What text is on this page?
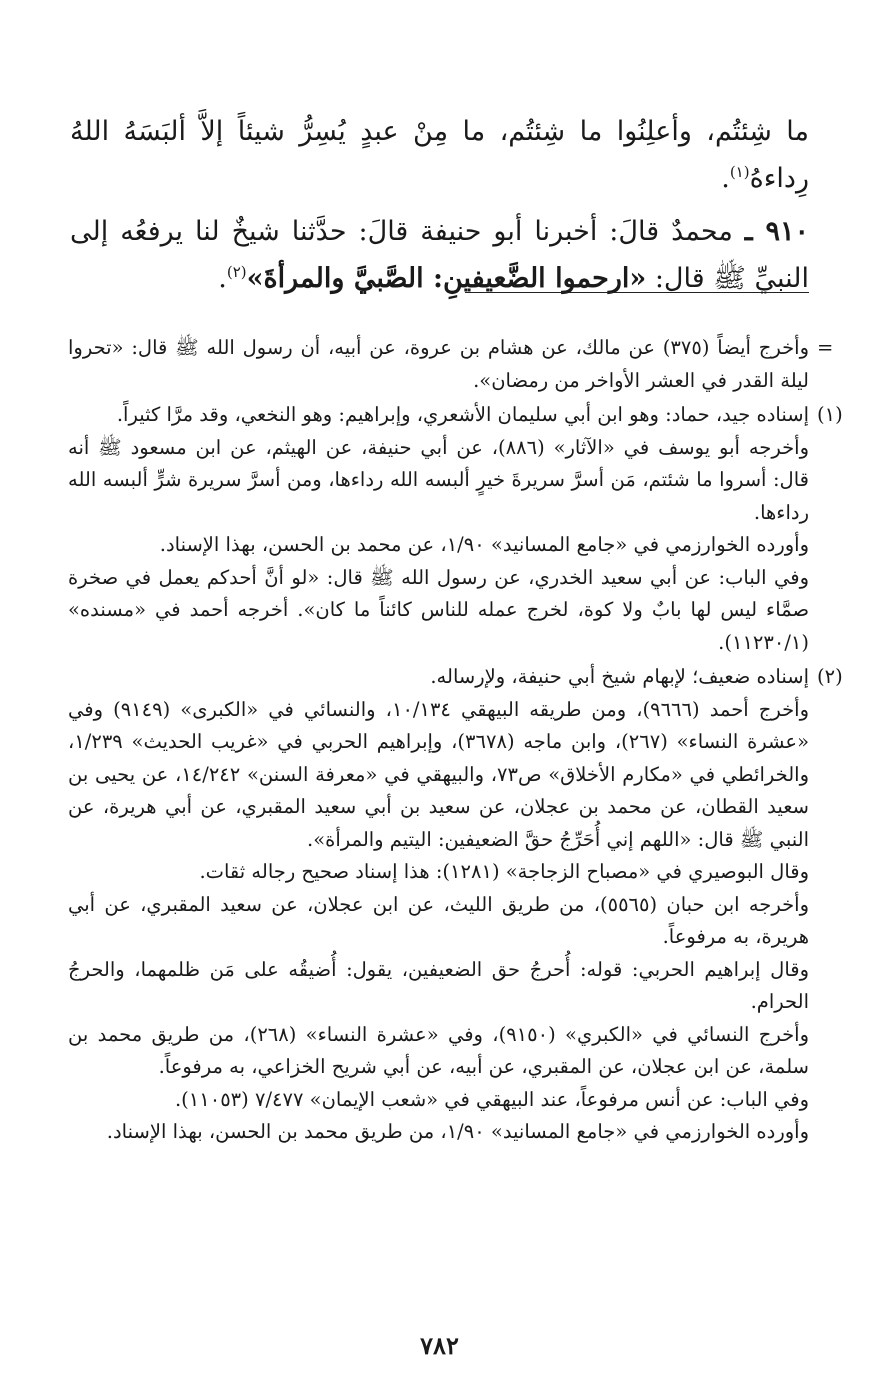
ما شِئتُم، وأعلِنُوا ما شِئتُم، ما مِنْ عبدٍ يُسِرُّ شيئاً إلاَّ ألبَسَهُ اللهُ رِداءهُ$^{(١)}$.

٩١٠ ـ محمدٌ قالَ: أخبرنا أبو حنيفة قالَ: حدَّثنا شيخٌ لنا يرفعُه إلى النبيِّ ﷺ قال: «ارحموا الضَّعيفينِ: الصَّبيَّ والمرأةَ»$^{(٢)}$.

=

وأخرج أيضاً (٣٧٥) عن مالك، عن هشام بن عروة، عن أبيه، أن رسول الله ﷺ قال: «تحروا ليلة القدر في العشر الأواخر من رمضان».

(١)

إسناده جيد، حماد: وهو ابن أبي سليمان الأشعري، وإبراهيم: وهو النخعي، وقد مرَّا كثيراً.

وأخرجه أبو يوسف في «الآثار» (٨٨٦)، عن أبي حنيفة، عن الهيثم، عن ابن مسعود ﷺ أنه قال: أسروا ما شئتم، مَن أسرَّ سريرةَ خيرٍ ألبسه الله رداءها، ومن أسرَّ سريرة شرٍّ ألبسه الله رداءها.

وأورده الخوارزمي في «جامع المسانيد» ١/٩٠، عن محمد بن الحسن، بهذا الإسناد.

وفي الباب: عن أبي سعيد الخدري، عن رسول الله ﷺ قال: «لو أنَّ أحدكم يعمل في صخرة صمَّاء ليس لها بابٌ ولا كوة، لخرج عمله للناس كائناً ما كان». أخرجه أحمد في «مسنده» (١١٢٣٠/١).

(٢)

إسناده ضعيف؛ لإبهام شيخ أبي حنيفة، ولإرساله.

وأخرج أحمد (٩٦٦٦)، ومن طريقه البيهقي ١٠/١٣٤، والنسائي في «الكبرى» (٩١٤٩) وفي «عشرة النساء» (٢٦٧)، وابن ماجه (٣٦٧٨)، وإبراهيم الحربي في «غريب الحديث» ١/٢٣٩، والخرائطي في «مكارم الأخلاق» ص٧٣، والبيهقي في «معرفة السنن» ١٤/٢٤٢، عن يحيى بن سعيد القطان، عن محمد بن عجلان، عن سعيد بن أبي سعيد المقبري، عن أبي هريرة، عن النبي ﷺ قال: «اللهم إني أُحَرِّجُ حقَّ الضعيفين: اليتيم والمرأة».

وقال البوصيري في «مصباح الزجاجة» (١٢٨١): هذا إسناد صحيح رجاله ثقات.

وأخرجه ابن حبان (٥٥٦٥)، من طريق الليث، عن ابن عجلان، عن سعيد المقبري، عن أبي هريرة، به مرفوعاً.

وقال إبراهيم الحربي: قوله: أُحرجُ حق الضعيفين، يقول: أُضيقُه على مَن ظلمهما، والحرجُ الحرام.

وأخرج النسائي في «الكبري» (٩١٥٠)، وفي «عشرة النساء» (٢٦٨)، من طريق محمد بن سلمة، عن ابن عجلان، عن المقبري، عن أبيه، عن أبي شريح الخزاعي، به مرفوعاً.

وفي الباب: عن أنس مرفوعاً، عند البيهقي في «شعب الإيمان» ٧/٤٧٧ (١١٠٥٣).

وأورده الخوارزمي في «جامع المسانيد» ١/٩٠، من طريق محمد بن الحسن، بهذا الإسناد.

٧٨٢
